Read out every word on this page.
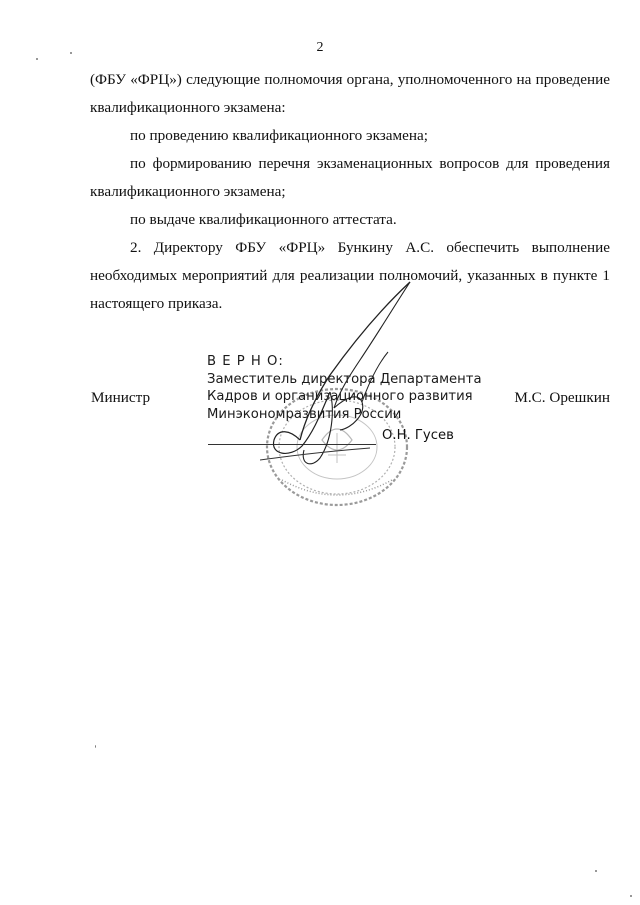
2
(ФБУ «ФРЦ») следующие полномочия органа, уполномоченного на проведение
квалификационного экзамена:
по проведению квалификационного экзамена;
по формированию перечня экзаменационных вопросов для проведения
квалификационного экзамена;
по выдаче квалификационного аттестата.
2. Директору ФБУ «ФРЦ» Бункину А.С. обеспечить выполнение
необходимых мероприятий для реализации полномочий, указанных в пункте 1
настоящего приказа.
В Е Р Н О:
Заместитель директора Департамента
Кадров и организационного развития
Минэкономразвития России
О.Н. Гусев
Министр	М.С. Орешкин
